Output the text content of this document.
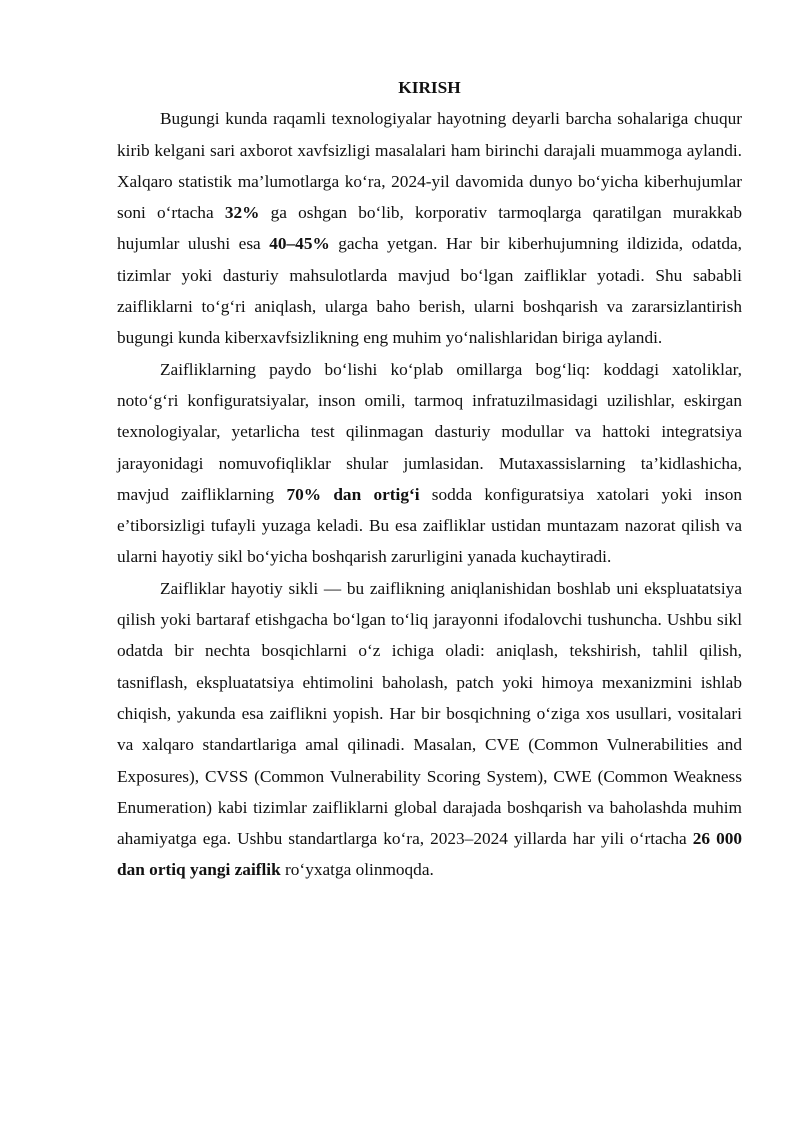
KIRISH

Bugungi kunda raqamli texnologiyalar hayotning deyarli barcha sohalariga chuqur kirib kelgani sari axborot xavfsizligi masalalari ham birinchi darajali muammoga aylandi. Xalqaro statistik ma’lumotlarga ko‘ra, 2024-yil davomida dunyo bo‘yicha kiberhujumlar soni o‘rtacha 32% ga oshgan bo‘lib, korporativ tarmoqlarga qaratilgan murakkab hujumlar ulushi esa 40–45% gacha yetgan. Har bir kiberhujumning ildizida, odatda, tizimlar yoki dasturiy mahsulotlarda mavjud bo‘lgan zaifliklar yotadi. Shu sababli zaifliklarni to‘g‘ri aniqlash, ularga baho berish, ularni boshqarish va zararsizlantirish bugungi kunda kiberxavfsizlikning eng muhim yo‘nalishlaridan biriga aylandi.

Zaifliklarning paydo bo‘lishi ko‘plab omillarga bog‘liq: koddagi xatoliklar, noto‘g‘ri konfiguratsiyalar, inson omili, tarmoq infratuzilmasidagi uzilishlar, eskirgan texnologiyalar, yetarlicha test qilinmagan dasturiy modullar va hattoki integratsiya jarayonidagi nomuvofiqliklar shular jumlasidan. Mutaxassislarning ta’kidlashicha, mavjud zaifliklarning 70% dan ortig‘i sodda konfiguratsiya xatolari yoki inson e’tiborsizligi tufayli yuzaga keladi. Bu esa zaifliklar ustidan muntazam nazorat qilish va ularni hayotiy sikl bo‘yicha boshqarish zarurligini yanada kuchaytiradi.

Zaifliklar hayotiy sikli — bu zaiflikning aniqlanishidan boshlab uni ekspluatatsiya qilish yoki bartaraf etishgacha bo‘lgan to‘liq jarayonni ifodalovchi tushuncha. Ushbu sikl odatda bir nechta bosqichlarni o‘z ichiga oladi: aniqlash, tekshirish, tahlil qilish, tasniflash, ekspluatatsiya ehtimolini baholash, patch yoki himoya mexanizmini ishlab chiqish, yakunda esa zaiflikni yopish. Har bir bosqichning o‘ziga xos usullari, vositalari va xalqaro standartlariga amal qilinadi. Masalan, CVE (Common Vulnerabilities and Exposures), CVSS (Common Vulnerability Scoring System), CWE (Common Weakness Enumeration) kabi tizimlar zaifliklarni global darajada boshqarish va baholashda muhim ahamiyatga ega. Ushbu standartlarga ko‘ra, 2023–2024 yillarda har yili o‘rtacha 26 000 dan ortiq yangi zaiflik ro‘yxatga olinmoqda.
